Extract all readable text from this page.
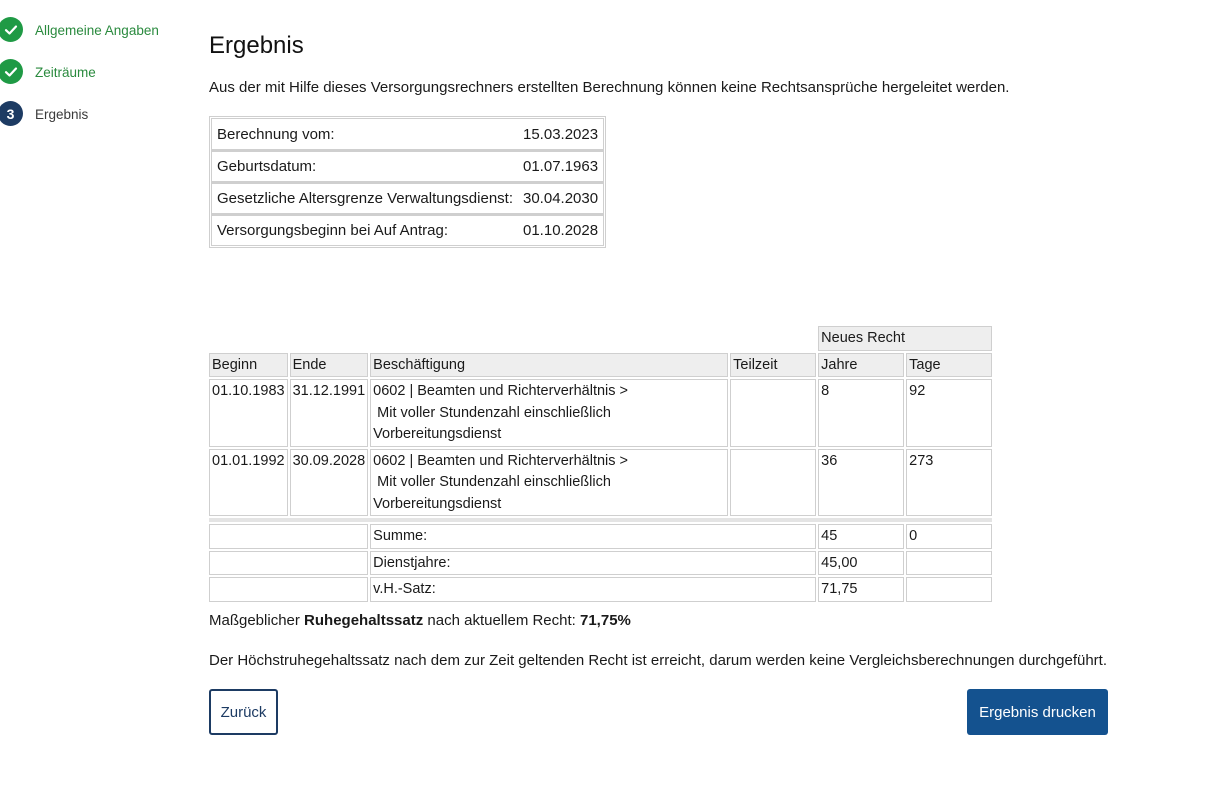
Allgemeine Angaben
Zeiträume
3	Ergebnis
Ergebnis

Aus der mit Hilfe dieses Versorgungsrechners erstellten Berechnung können keine Rechtsansprüche hergeleitet werden.

Berechnung vom:	15.03.2023
Geburtsdatum:	01.07.1963
Gesetzliche Altersgrenze Verwaltungsdienst:	30.04.2030
Versorgungsbeginn bei Auf Antrag:	01.10.2028
				Neues Recht	
Beginn	Ende	Beschäftigung	Teilzeit	Jahre	Tage
01.10.1983	31.12.1991	0602 | Beamten und Richterverhältnis >
Mit voller Stundenzahl einschließlich
Vorbereitungsdienst		8	92
01.01.1992	30.09.2028	0602 | Beamten und Richterverhältnis >
Mit voller Stundenzahl einschließlich
Vorbereitungsdienst		36	273

		Summe:		45	0
		Dienstjahre:		45,00	
		v.H.-Satz:		71,75	

Maßgeblicher Ruhegehaltssatz nach aktuellem Recht: 71,75%

Der Höchstruhegehaltssatz nach dem zur Zeit geltenden Recht ist erreicht, darum werden keine Vergleichsberechnungen durchgeführt.

Zurück	Ergebnis drucken
